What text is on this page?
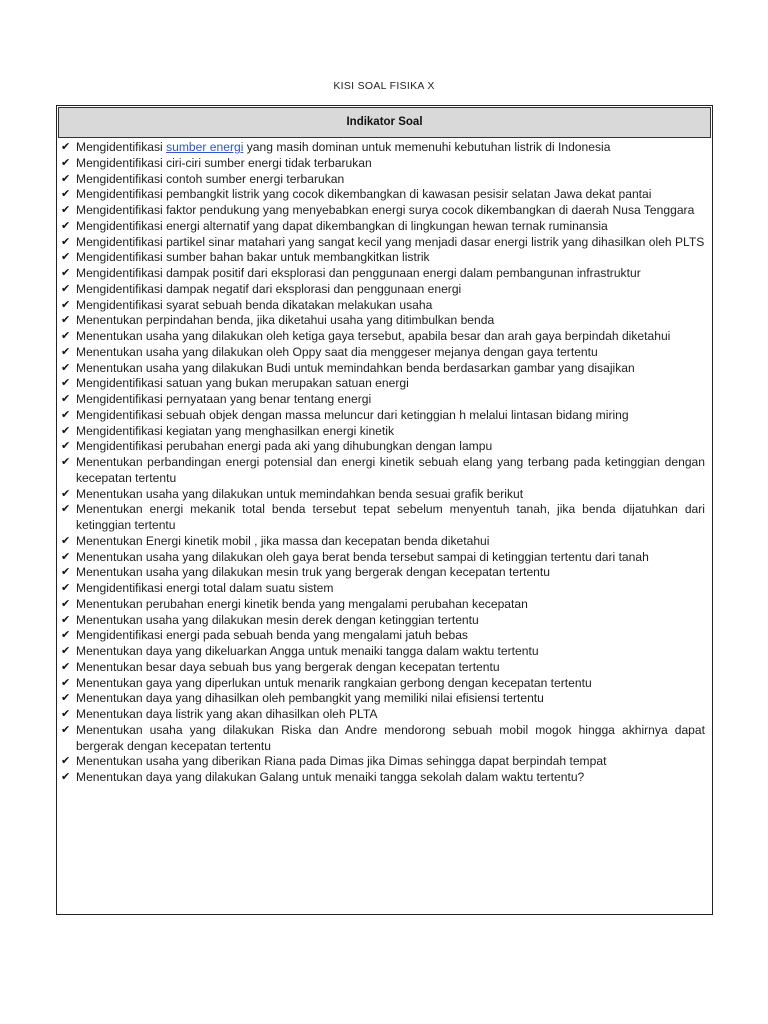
KISI SOAL FISIKA X
Indikator Soal
✔ Mengidentifikasi sumber energi yang masih dominan untuk memenuhi kebutuhan listrik di Indonesia
✔ Mengidentifikasi ciri-ciri sumber energi tidak terbarukan
✔ Mengidentifikasi contoh sumber energi terbarukan
✔ Mengidentifikasi pembangkit listrik yang cocok dikembangkan di kawasan pesisir selatan Jawa dekat pantai
✔ Mengidentifikasi faktor pendukung yang menyebabkan energi surya cocok dikembangkan di daerah Nusa Tenggara
✔ Mengidentifikasi energi alternatif yang dapat dikembangkan di lingkungan hewan ternak ruminansia
✔ Mengidentifikasi partikel sinar matahari yang sangat kecil yang menjadi dasar energi listrik yang dihasilkan oleh PLTS
✔ Mengidentifikasi sumber bahan bakar untuk membangkitkan listrik
✔ Mengidentifikasi dampak positif dari eksplorasi dan penggunaan energi dalam pembangunan infrastruktur
✔ Mengidentifikasi dampak negatif dari eksplorasi dan penggunaan energi
✔ Mengidentifikasi syarat sebuah benda dikatakan melakukan usaha
✔ Menentukan perpindahan benda, jika diketahui usaha yang ditimbulkan benda
✔ Menentukan usaha yang dilakukan oleh ketiga gaya tersebut, apabila besar dan arah gaya berpindah diketahui
✔ Menentukan usaha yang dilakukan oleh Oppy saat dia menggeser mejanya dengan gaya tertentu
✔ Menentukan usaha yang dilakukan Budi untuk memindahkan benda berdasarkan gambar yang disajikan
✔ Mengidentifikasi satuan yang bukan merupakan satuan energi
✔ Mengidentifikasi pernyataan yang benar tentang energi
✔ Mengidentifikasi sebuah objek dengan massa meluncur dari ketinggian h melalui lintasan bidang miring
✔ Mengidentifikasi kegiatan yang menghasilkan energi kinetik
✔ Mengidentifikasi perubahan energi pada aki yang dihubungkan dengan lampu
✔ Menentukan perbandingan energi potensial dan energi kinetik sebuah elang yang terbang pada ketinggian dengan kecepatan tertentu
✔ Menentukan usaha yang dilakukan untuk memindahkan benda sesuai grafik berikut
✔ Menentukan energi mekanik total benda tersebut tepat sebelum menyentuh tanah, jika benda dijatuhkan dari ketinggian tertentu
✔ Menentukan Energi kinetik mobil , jika massa dan kecepatan benda diketahui
✔ Menentukan usaha yang dilakukan oleh gaya berat benda tersebut sampai di ketinggian tertentu dari tanah
✔ Menentukan usaha yang dilakukan mesin truk yang bergerak dengan kecepatan tertentu
✔ Mengidentifikasi energi total dalam suatu sistem
✔ Menentukan perubahan energi kinetik benda yang mengalami perubahan kecepatan
✔ Menentukan usaha yang dilakukan mesin derek dengan ketinggian tertentu
✔ Mengidentifikasi energi pada sebuah benda yang mengalami jatuh bebas
✔ Menentukan daya yang dikeluarkan Angga untuk menaiki tangga dalam waktu tertentu
✔ Menentukan besar daya sebuah bus yang bergerak dengan kecepatan tertentu
✔ Menentukan gaya yang diperlukan untuk menarik rangkaian gerbong dengan kecepatan tertentu
✔ Menentukan daya yang dihasilkan oleh pembangkit yang memiliki nilai efisiensi tertentu
✔ Menentukan daya listrik yang akan dihasilkan oleh PLTA
✔ Menentukan usaha yang dilakukan Riska dan Andre mendorong sebuah mobil mogok hingga akhirnya dapat bergerak dengan kecepatan tertentu
✔ Menentukan usaha yang diberikan Riana pada Dimas jika Dimas sehingga dapat berpindah tempat
✔ Menentukan daya yang dilakukan Galang untuk menaiki tangga sekolah dalam waktu tertentu?
